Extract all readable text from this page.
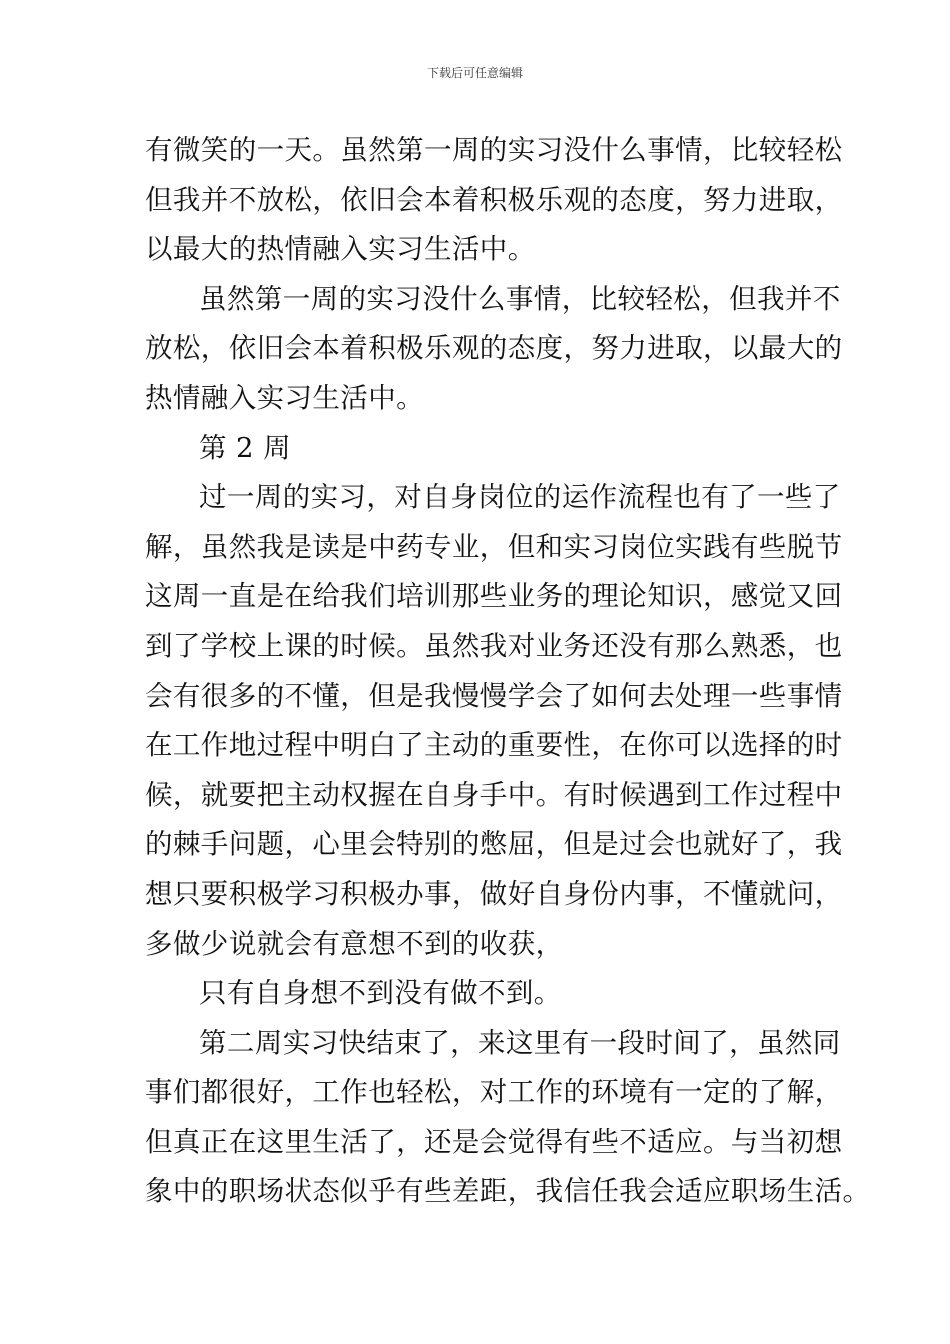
下载后可任意编辑
有微笑的一天。虽然第一周的实习没什么事情，比较轻松
但我并不放松，依旧会本着积极乐观的态度，努力进取，
以最大的热情融入实习生活中。
虽然第一周的实习没什么事情，比较轻松，但我并不
放松，依旧会本着积极乐观的态度，努力进取，以最大的
热情融入实习生活中。
第 2 周
过一周的实习，对自身岗位的运作流程也有了一些了
解，虽然我是读是中药专业，但和实习岗位实践有些脱节
这周一直是在给我们培训那些业务的理论知识，感觉又回
到了学校上课的时候。虽然我对业务还没有那么熟悉，也
会有很多的不懂，但是我慢慢学会了如何去处理一些事情
在工作地过程中明白了主动的重要性，在你可以选择的时
候，就要把主动权握在自身手中。有时候遇到工作过程中
的棘手问题，心里会特别的憋屈，但是过会也就好了，我
想只要积极学习积极办事，做好自身份内事，不懂就问，
多做少说就会有意想不到的收获，
只有自身想不到没有做不到。
第二周实习快结束了，来这里有一段时间了，虽然同
事们都很好，工作也轻松，对工作的环境有一定的了解，
但真正在这里生活了，还是会觉得有些不适应。与当初想
象中的职场状态似乎有些差距，我信任我会适应职场生活。
